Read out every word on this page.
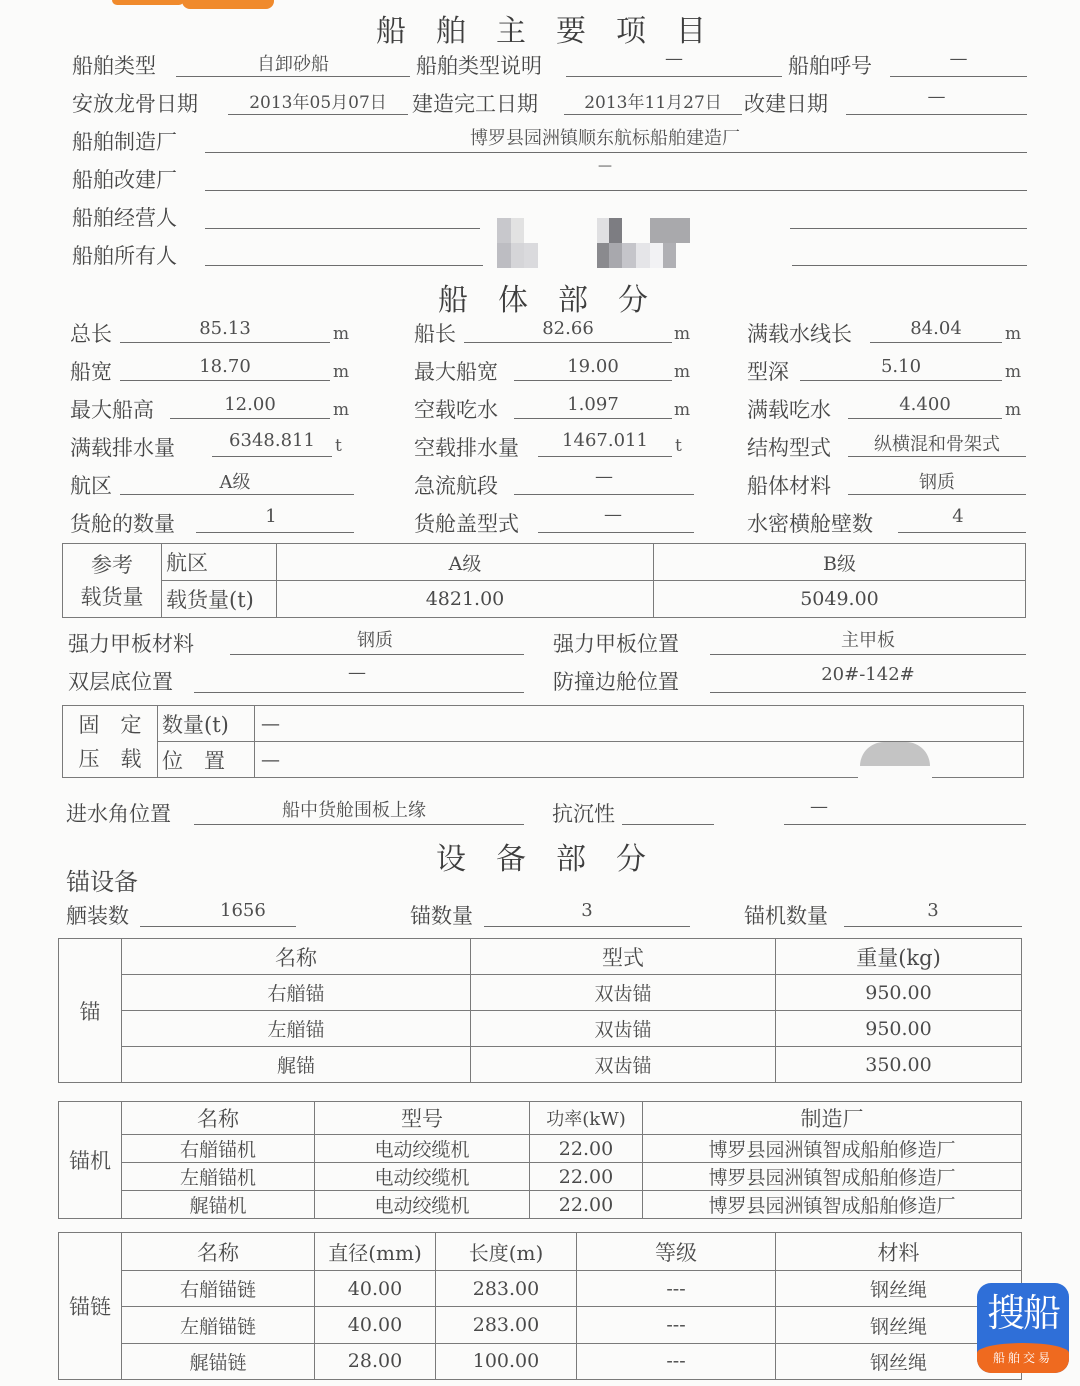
船舶主要项目
船舶类型	自卸砂船	船舶类型说明	—	船舶呼号	—
安放龙骨日期	2013年05月07日	建造完工日期	2013年11月27日	改建日期	—
船舶制造厂	博罗县园洲镇顺东航标船舶建造厂
船舶改建厂
—
船舶经营人
船舶所有人
船体部分
总长	85.13	m	船长	82.66	m	满载水线长	84.04	m
船宽	18.70	m	最大船宽	19.00	m	型深	5.10	m
最大船高	12.00	m	空载吃水	1.097	m	满载吃水	4.400	m
满载排水量	6348.811	t	空载排水量	1467.011	t	结构型式	纵横混和骨架式
航区	A级	急流航段	—	船体材料	钢质
货舱的数量	1	货舱盖型式	—	水密横舱壁数	4
参考
载货量	航区	A级	B级
	载货量(t)	4821.00	5049.00
强力甲板材料	钢质	强力甲板位置	主甲板
双层底位置	—	防撞边舱位置	20#-142#
固　定
压　载	数量(t)	—
	位　置	—
进水角位置	船中货舱围板上缘	抗沉性	—
设备部分
锚设备
舾装数	1656	锚数量	3	锚机数量	3
锚	名称	型式	重量(kg)
	右艏锚	双齿锚	950.00
	左艏锚	双齿锚	950.00
	艉锚	双齿锚	350.00
锚机	名称	型号	功率(kW)	制造厂
	右艏锚机	电动绞缆机	22.00	博罗县园洲镇智成船舶修造厂
	左艏锚机	电动绞缆机	22.00	博罗县园洲镇智成船舶修造厂
	艉锚机	电动绞缆机	22.00	博罗县园洲镇智成船舶修造厂
锚链	名称	直径(mm)	长度(m)	等级	材料
	右艏锚链	40.00	283.00	---	钢丝绳
	左艏锚链	40.00	283.00	---	钢丝绳
	艉锚链	28.00	100.00	---	钢丝绳
搜船
船舶交易
